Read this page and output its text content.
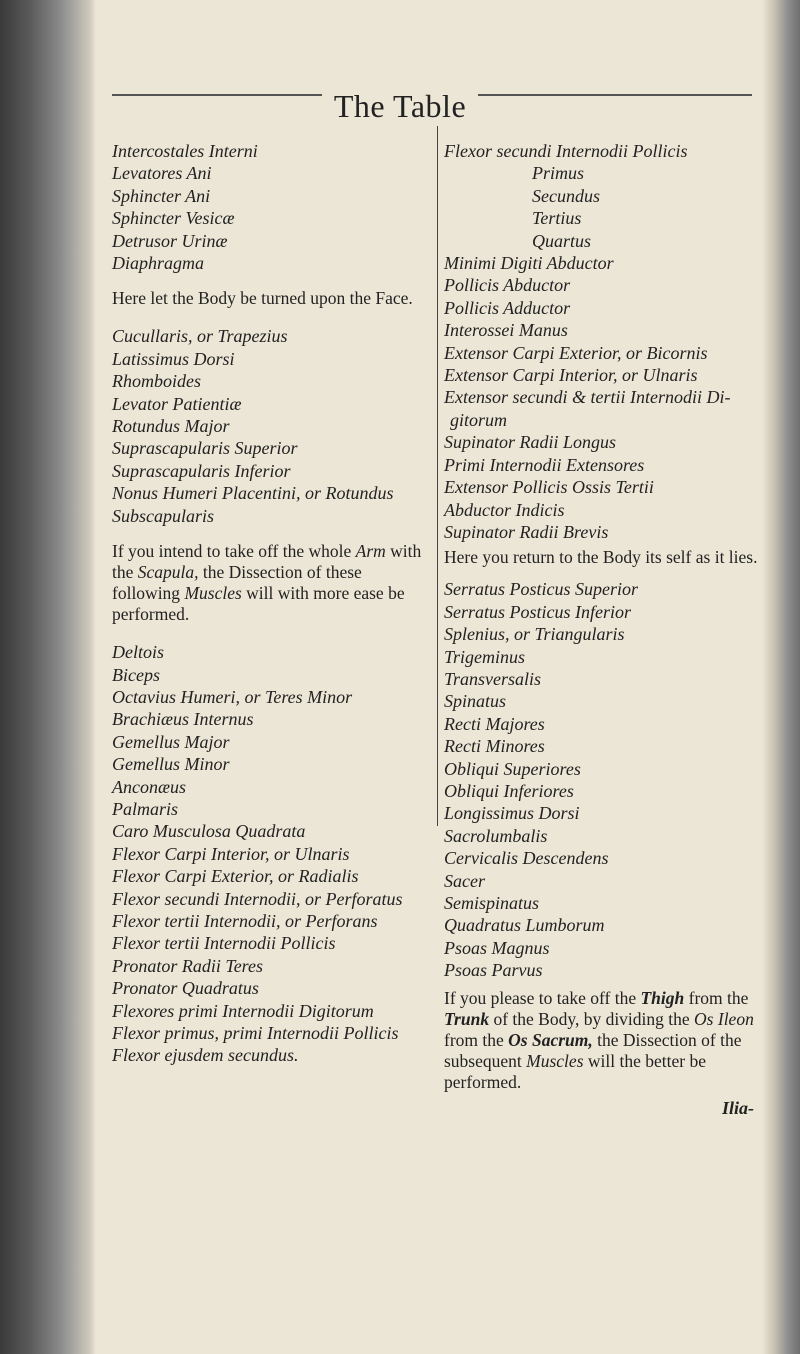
The Table
Intercostales Interni
Levatores Ani
Sphincter Ani
Sphincter Vesicæ
Detrusor Urinæ
Diaphragma
Here let the Body be turned upon the Face.
Cucullaris, or Trapezius
Latissimus Dorsi
Rhomboides
Levator Patientiæ
Rotundus Major
Suprascapularis Superior
Suprascapularis Inferior
Nonus Humeri Placentini, or Rotundus
Subscapularis
If you intend to take off the whole Arm with the Scapula, the Dissection of these following Muscles will with more ease be performed.
Deltois
Biceps
Octavius Humeri, or Teres Minor
Brachiæus Internus
Gemellus Major
Gemellus Minor
Anconæus
Palmaris
Caro Musculosa Quadrata
Flexor Carpi Interior, or Ulnaris
Flexor Carpi Exterior, or Radialis
Flexor secundi Internodii, or Perforatus
Flexor tertii Internodii, or Perforans
Flexor tertii Internodii Pollicis
Pronator Radii Teres
Pronator Quadratus
Flexores primi Internodii Digitorum
Flexor primus, primi Internodii Pollicis
Flexor ejusdem secundus.
Flexor secundi Internodii Pollicis
Primus
Secundus
Tertius
Quartus
Minimi Digiti Abductor
Pollicis Abductor
Pollicis Adductor
Interossei Manus
Extensor Carpi Exterior, or Bicornis
Extensor Carpi Interior, or Ulnaris
Extensor secundi & tertii Internodii Di-
gitorum
Supinator Radii Longus
Primi Internodii Extensores
Extensor Pollicis Ossis Tertii
Abductor Indicis
Supinator Radii Brevis
Here you return to the Body its self as it lies.
Serratus Posticus Superior
Serratus Posticus Inferior
Splenius, or Triangularis
Trigeminus
Transversalis
Spinatus
Recti Majores
Recti Minores
Obliqui Superiores
Obliqui Inferiores
Longissimus Dorsi
Sacrolumbalis
Cervicalis Descendens
Sacer
Semispinatus
Quadratus Lumborum
Psoas Magnus
Psoas Parvus
If you please to take off the Thigh from the Trunk of the Body, by dividing the Os Ileon from the Os Sacrum, the Dissection of the subsequent Muscles will the better be performed.
Ilia-
